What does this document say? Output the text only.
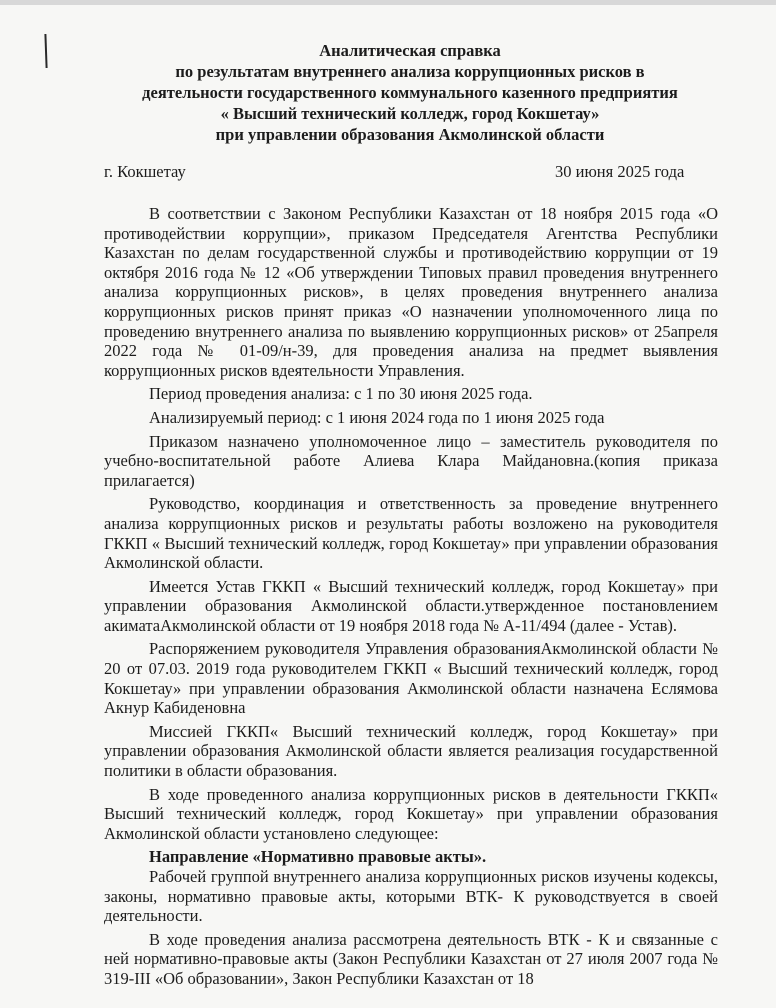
Аналитическая справка
по результатам внутреннего анализа коррупционных рисков в
деятельности государственного коммунального казенного предприятия
« Высший технический колледж, город Кокшетау»
при управлении образования Акмолинской области
г. Кокшетау	30 июня 2025 года

В соответствии с Законом Республики Казахстан от 18 ноября 2015 года «О противодействии коррупции», приказом Председателя Агентства Республики Казахстан по делам государственной службы и противодействию коррупции от 19 октября 2016 года № 12 «Об утверждении Типовых правил проведения внутреннего анализа коррупционных рисков», в целях проведения внутреннего анализа коррупционных рисков принят приказ «О назначении уполномоченного лица по проведению внутреннего анализа по выявлению коррупционных рисков» от 25апреля 2022 года № 01-09/н-39, для проведения анализа на предмет выявления коррупционных рисков вдеятельности Управления.

Период проведения анализа: с 1 по 30 июня 2025 года.

Анализируемый период: с 1 июня 2024 года по 1 июня 2025 года

Приказом назначено уполномоченное лицо – заместитель руководителя по учебно-воспитательной работе Алиева Клара Майдановна.(копия приказа прилагается)

Руководство, координация и ответственность за проведение внутреннего анализа коррупционных рисков и результаты работы возложено на руководителя ГККП « Высший технический колледж, город Кокшетау» при управлении образования Акмолинской области.

Имеется Устав ГККП « Высший технический колледж, город Кокшетау» при управлении образования Акмолинской области.утвержденное постановлением акиматаАкмолинской области от 19 ноября 2018 года № А-11/494 (далее - Устав).

Распоряжением руководителя Управления образованияАкмолинской области № 20 от 07.03. 2019 года руководителем ГККП « Высший технический колледж, город Кокшетау» при управлении образования Акмолинской области назначена Еслямова Акнур Кабиденовна

Миссией ГККП« Высший технический колледж, город Кокшетау» при управлении образования Акмолинской области является реализация государственной политики в области образования.

В ходе проведенного анализа коррупционных рисков в деятельности ГККП« Высший технический колледж, город Кокшетау» при управлении образования Акмолинской области установлено следующее:

Направление «Нормативно правовые акты».

Рабочей группой внутреннего анализа коррупционных рисков изучены кодексы, законы, нормативно правовые акты, которыми ВТК- К руководствуется в своей деятельности.

В ходе проведения анализа рассмотрена деятельность ВТК - К и связанные с ней нормативно-правовые акты (Закон Республики Казахстан от 27 июля 2007 года № 319-III «Об образовании», Закон Республики Казахстан от 18
